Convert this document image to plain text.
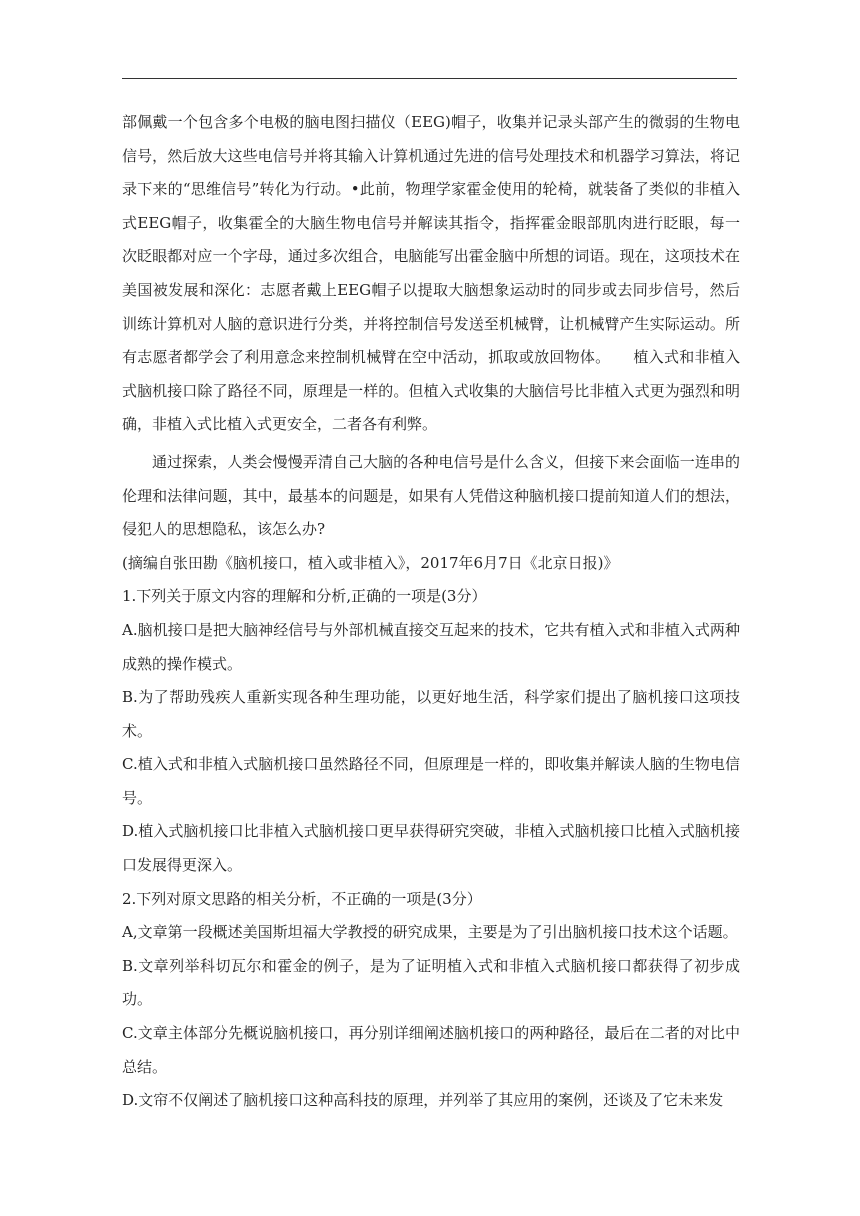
部佩戴一个包含多个电极的脑电图扫描仪（EEG)帽子，收集并记录头部产生的微弱的生物电信号，然后放大这些电信号并将其输入计算机通过先进的信号处理技术和机器学习算法，将记录下来的“思维信号”转化为行动。•此前，物理学家霍金使用的轮椅，就装备了类似的非植入式EEG帽子，收集霍全的大脑生物电信号并解读其指令，指挥霍金眼部肌肉进行眨眼，每一次眨眼都对应一个字母，通过多次组合，电脑能写出霍金脑中所想的词语。现在，这项技术在美国被发展和深化：志愿者戴上EEG帽子以提取大脑想象运动时的同步或去同步信号，然后训练计算机对人脑的意识进行分类，并将控制信号发送至机械臂，让机械臂产生实际运动。所有志愿者都学会了利用意念来控制机械臂在空中活动，抓取或放回物体。　　植入式和非植入式脑机接口除了路径不同，原理是一样的。但植入式收集的大脑信号比非植入式更为强烈和明确，非植入式比植入式更安全，二者各有利弊。

通过探索，人类会慢慢弄清自己大脑的各种电信号是什么含义，但接下来会面临一连串的伦理和法律问题，其中，最基本的问题是，如果有人凭借这种脑机接口提前知道人们的想法，侵犯人的思想隐私，该怎么办?

(摘编自张田勘《脑机接口，植入或非植入》，2017年6月7日《北京日报)》

1.下列关于原文内容的理解和分析,正确的一项是(3分）

A.脑机接口是把大脑神经信号与外部机械直接交互起来的技术，它共有植入式和非植入式两种成熟的操作模式。

B.为了帮助残疾人重新实现各种生理功能，以更好地生活，科学家们提出了脑机接口这项技术。

C.植入式和非植入式脑机接口虽然路径不同，但原理是一样的，即收集并解读人脑的生物电信号。

D.植入式脑机接口比非植入式脑机接口更早获得研究突破，非植入式脑机接口比植入式脑机接口发展得更深入。

2.下列对原文思路的相关分析，不正确的一项是(3分）

A,文章第一段概述美国斯坦福大学教授的研究成果，主要是为了引出脑机接口技术这个话题。

B.文章列举科切瓦尔和霍金的例子，是为了证明植入式和非植入式脑机接口都获得了初步成功。

C.文章主体部分先概说脑机接口，再分别详细阐述脑机接口的两种路径，最后在二者的对比中总结。

D.文帘不仅阐述了脑机接口这种高科技的原理，并列举了其应用的案例，还谈及了它未来发
